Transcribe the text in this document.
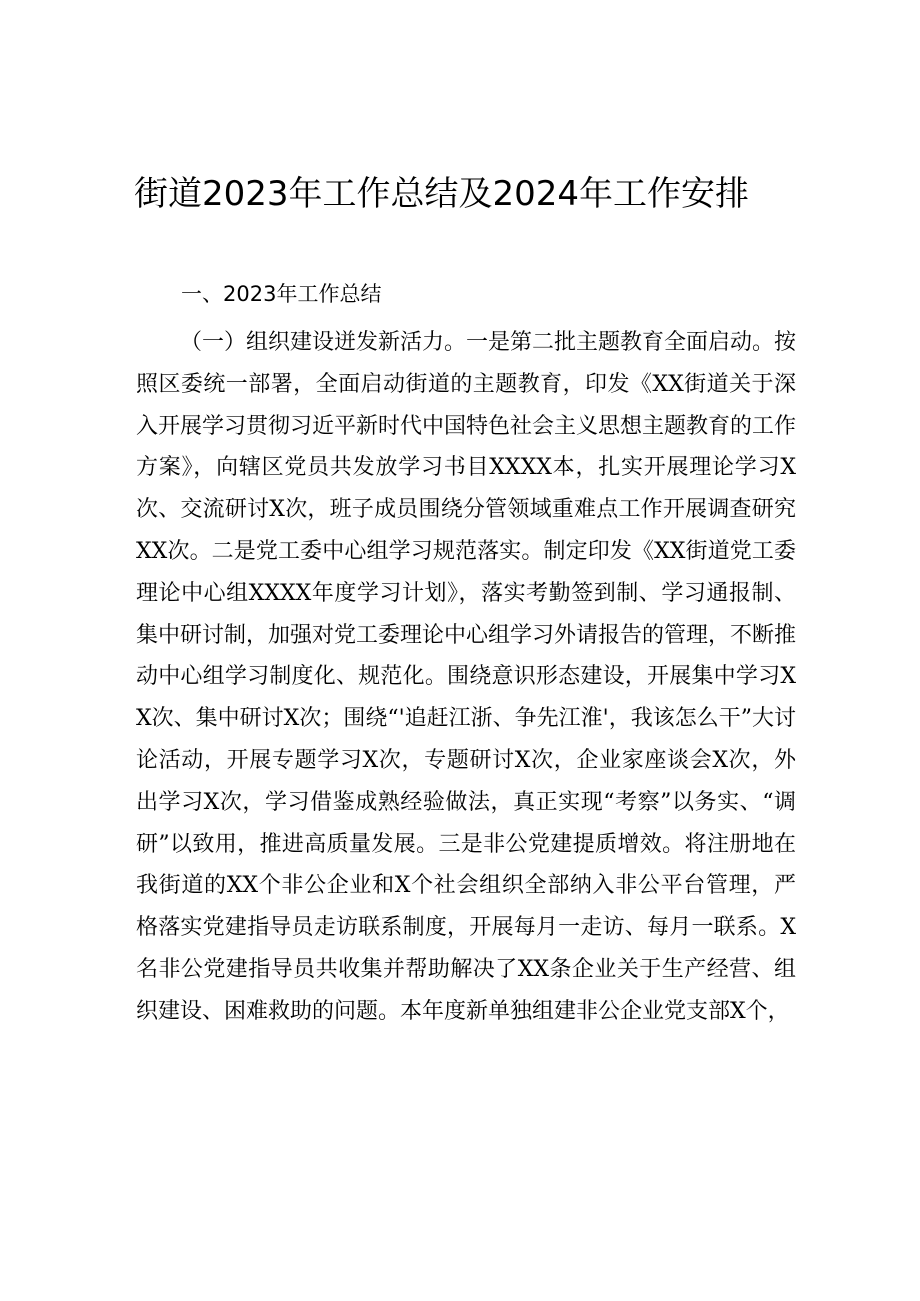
街道2023年工作总结及2024年工作安排
一、2023年工作总结

（一）组织建设迸发新活力。一是第二批主题教育全面启动。按照区委统一部署，全面启动街道的主题教育，印发《XX街道关于深入开展学习贯彻习近平新时代中国特色社会主义思想主题教育的工作方案》，向辖区党员共发放学习书目XXXX本，扎实开展理论学习X次、交流研讨X次，班子成员围绕分管领域重难点工作开展调查研究XX次。二是党工委中心组学习规范落实。制定印发《XX街道党工委理论中心组XXXX年度学习计划》，落实考勤签到制、学习通报制、集中研讨制，加强对党工委理论中心组学习外请报告的管理，不断推动中心组学习制度化、规范化。围绕意识形态建设，开展集中学习XX次、集中研讨X次；围绕“'追赶江浙、争先江淮'，我该怎么干”大讨论活动，开展专题学习X次，专题研讨X次，企业家座谈会X次，外出学习X次，学习借鉴成熟经验做法，真正实现“考察”以务实、“调研”以致用，推进高质量发展。三是非公党建提质增效。将注册地在我街道的XX个非公企业和X个社会组织全部纳入非公平台管理，严格落实党建指导员走访联系制度，开展每月一走访、每月一联系。X名非公党建指导员共收集并帮助解决了XX条企业关于生产经营、组织建设、困难救助的问题。本年度新单独组建非公企业党支部X个，
